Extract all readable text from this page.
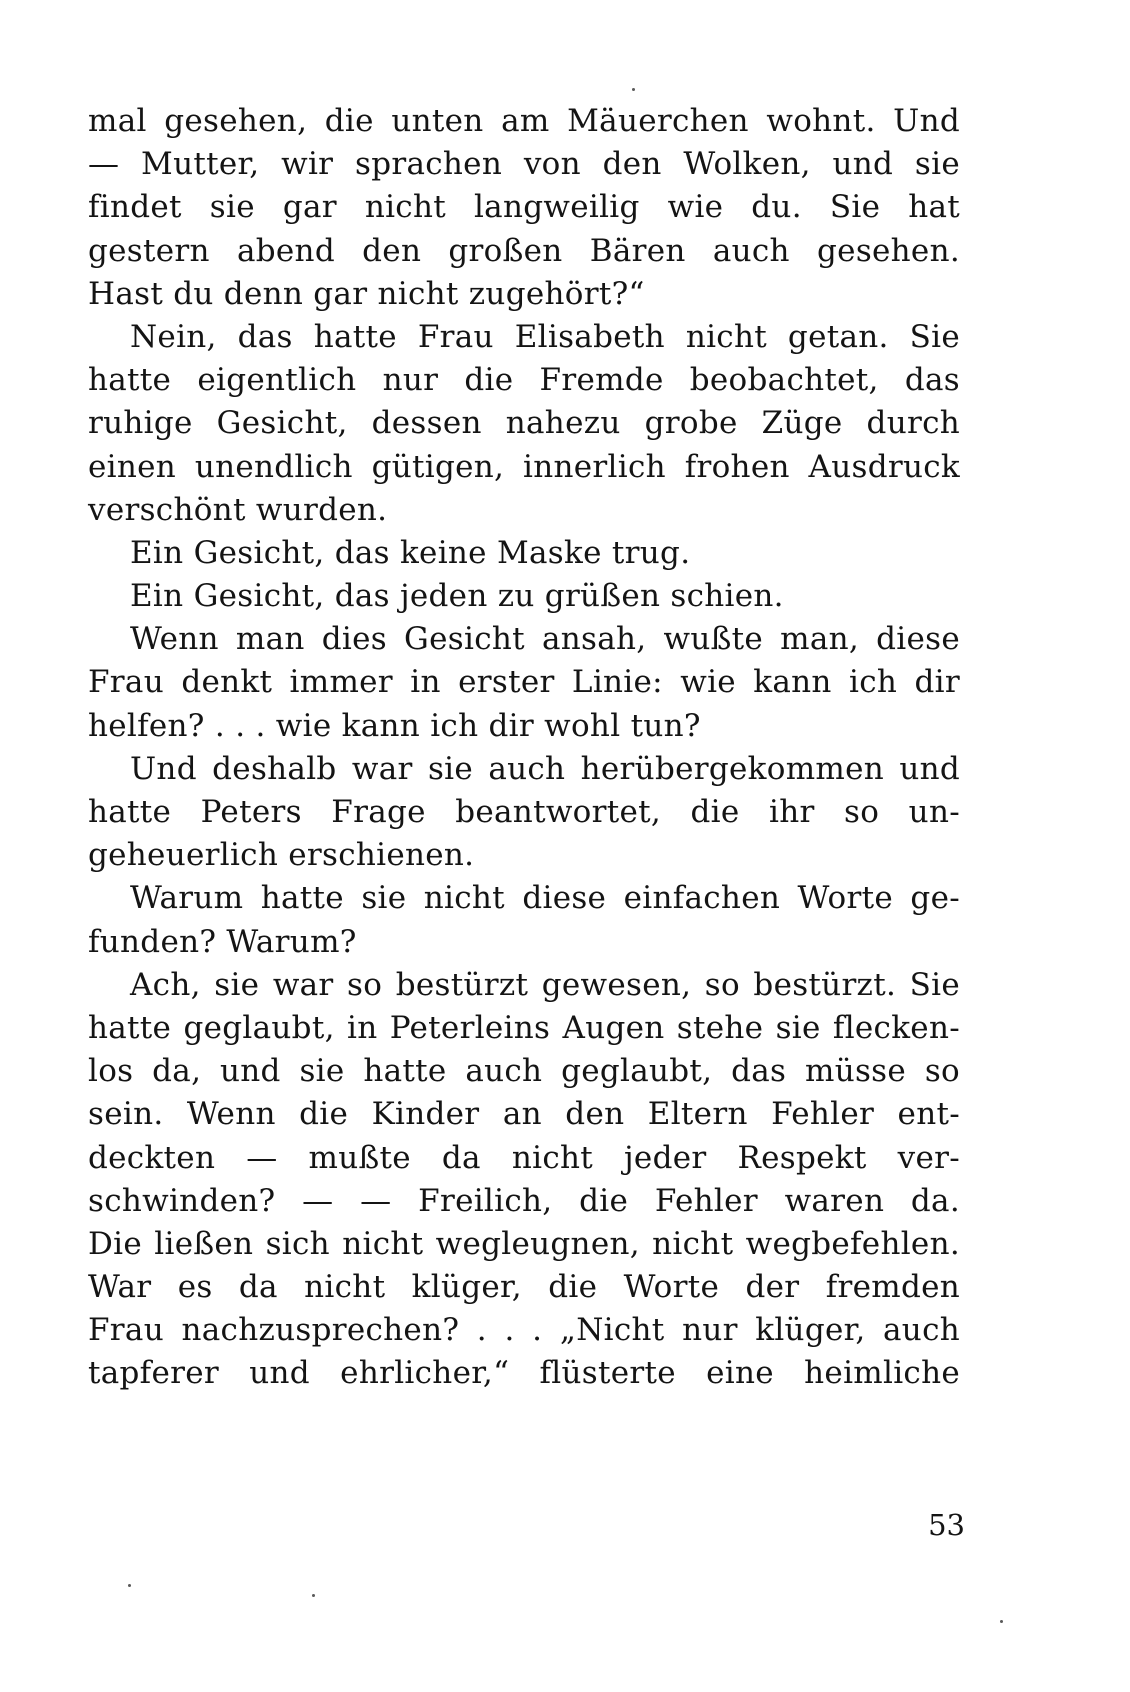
mal gesehen, die unten am Mäuerchen wohnt. Und
— Mutter, wir sprachen von den Wolken, und sie
findet sie gar nicht langweilig wie du. Sie hat
gestern abend den großen Bären auch gesehen.
Hast du denn gar nicht zugehört?“
Nein, das hatte Frau Elisabeth nicht getan. Sie
hatte eigentlich nur die Fremde beobachtet, das
ruhige Gesicht, dessen nahezu grobe Züge durch
einen unendlich gütigen, innerlich frohen Ausdruck
verschönt wurden.
Ein Gesicht, das keine Maske trug.
Ein Gesicht, das jeden zu grüßen schien.
Wenn man dies Gesicht ansah, wußte man, diese
Frau denkt immer in erster Linie: wie kann ich dir
helfen? . . . wie kann ich dir wohl tun?
Und deshalb war sie auch herübergekommen und
hatte Peters Frage beantwortet, die ihr so un-
geheuerlich erschienen.
Warum hatte sie nicht diese einfachen Worte ge-
funden? Warum?
Ach, sie war so bestürzt gewesen, so bestürzt. Sie
hatte geglaubt, in Peterleins Augen stehe sie flecken-
los da, und sie hatte auch geglaubt, das müsse so
sein. Wenn die Kinder an den Eltern Fehler ent-
deckten — mußte da nicht jeder Respekt ver-
schwinden? — — Freilich, die Fehler waren da.
Die ließen sich nicht wegleugnen, nicht wegbefehlen.
War es da nicht klüger, die Worte der fremden
Frau nachzusprechen? . . . „Nicht nur klüger, auch
tapferer und ehrlicher,“ flüsterte eine heimliche
53
